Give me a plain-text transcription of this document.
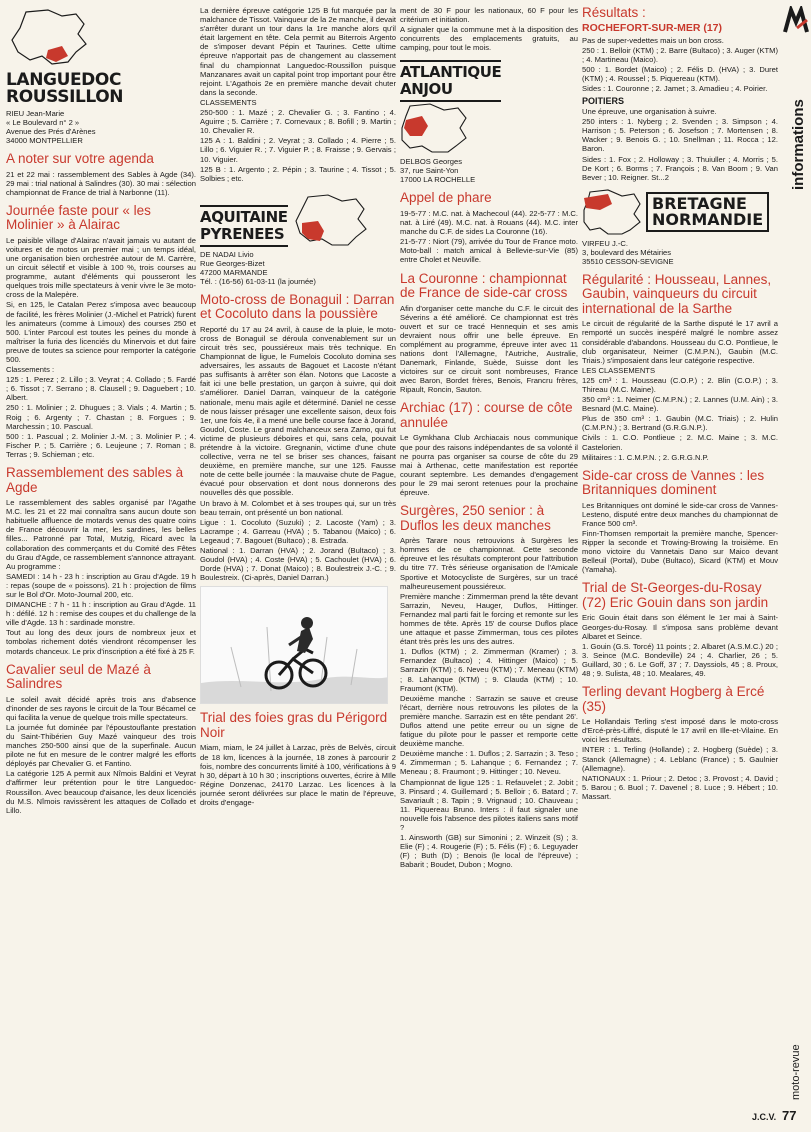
LANGUEDOC
ROUSSILLON
RIEU Jean-Marie
« Le Boulevard n° 2 »
Avenue des Prés d'Arènes
34000 MONTPELLIER
A noter sur votre agenda

21 et 22 mai : rassemblement des Sables à Agde (34). 29 mai : trial national à Salindres (30). 30 mai : sélection championnat de France de trial à Narbonne (11).

Journée faste pour « les Molinier » à Alairac

Le paisible village d'Alairac n'avait jamais vu autant de voitures et de motos un premier mai ; un temps idéal, une organisation bien orchestrée autour de M. Carrère, un circuit sélectif et visible à 100 %, trois courses au programme, autant d'éléments qui pousseront les quelques trois mille spectateurs à venir vivre le 3e moto-cross de la Malepère.

Si, en 125, le Catalan Perez s'imposa avec beaucoup de facilité, les frères Molinier (J.-Michel et Patrick) furent les animateurs (comme à Limoux) des courses 250 et 500. L'inter Parcoul est toutes les peines du monde à maîtriser la furia des licenciés du Minervois et dut faire preuve de toutes sa science pour remporter la catégorie 500.

Classements :

125 : 1. Perez ; 2. Lillo ; 3. Veyrat ; 4. Collado ; 5. Fardé ; 6. Tissot ; 7. Serrano ; 8. Clausell ; 9. Daguebert ; 10. Albert.

250 : 1. Molinier ; 2. Dhugues ; 3. Vials ; 4. Martin ; 5. Roig ; 6. Argenty ; 7. Chastan ; 8. Forgues ; 9. Marchessin ; 10. Pascual.

500 : 1. Pascual ; 2. Molinier J.-M. ; 3. Molinier P. ; 4. Fischer P. ; 5. Carrière ; 6. Leujeune ; 7. Roman ; 8. Terras ; 9. Schieman ; etc.

Rassemblement des sables à Agde

Le rassemblement des sables organisé par l'Agathe M.C. les 21 et 22 mai connaîtra sans aucun doute son habituelle affluence de motards venus des quatre coins de France découvrir la mer, les sardines, les belles filles... Patronné par Total, Mutzig, Ricard avec la collaboration des commerçants et du Comité des Fêtes du Grau d'Agde, ce rassemblement s'annonce attrayant. Au programme :

SAMEDI : 14 h - 23 h : inscription au Grau d'Agde. 19 h : repas (soupe de « poissons). 21 h : projection de films sur le Bol d'Or. Moto-Journal 200, etc.

DIMANCHE : 7 h - 11 h : inscription au Grau d'Agde. 11 h : défilé. 12 h : remise des coupes et du challenge de la ville d'Agde. 13 h : sardinade monstre.

Tout au long des deux jours de nombreux jeux et tombolas richement dotés viendront récompenser les motards chanceux. Le prix d'inscription a été fixé à 25 F.

Cavalier seul de Mazé à Salindres

Le soleil avait décidé après trois ans d'absence d'inonder de ses rayons le circuit de la Tour Bécamel ce qui facilita la venue de quelque trois mille spectateurs.

La journée fut dominée par l'époustouflante prestation du Saint-Thibérien Guy Mazé vainqueur des trois manches 250-500 ainsi que de la superfinale. Aucun pilote ne fut en mesure de le contrer malgré les efforts déployés par Chevalier G. et Fantino.

La catégorie 125 A permit aux Nîmois Baldini et Veyrat d'affirmer leur prétention pour le titre Languedoc-Roussillon. Avec beaucoup d'aisance, les deux licenciés du M.S. Nîmois ravissèrent les attaques de Collado et Lillo.

La dernière épreuve catégorie 125 B fut marquée par la malchance de Tissot. Vainqueur de la 2e manche, il devait s'arrêter durant un tour dans la 1re manche alors qu'il était largement en tête. Cela permit au Biterrois Argento de s'imposer devant Pépin et Taurines. Cette ultime épreuve n'apportait pas de changement au classement final du championnat Languedoc-Roussillon puisque Manzanares avait un capital point trop important pour être rejoint. L'Agathois 2e en première manche devait chuter dans la seconde.

CLASSEMENTS

250-500 : 1. Mazé ; 2. Chevalier G. ; 3. Fantino ; 4. Aguirre ; 5. Carrière ; 7. Cornevaux ; 8. Bofill ; 9. Martin ; 10. Chevalier R.

125 A : 1. Baldini ; 2. Veyrat ; 3. Collado ; 4. Pierre ; 5. Lillo ; 6. Viguier R. ; 7. Viguier P. ; 8. Fraisse ; 9. Gervais ; 10. Viguier.

125 B : 1. Argento ; 2. Pépin ; 3. Taurine ; 4. Tissot ; 5. Solbies ; etc.

AQUITAINE
PYRENEES
DE NADAI Livio
Rue Georges-Bizet
47200 MARMANDE
Tél. : (16-56) 61-03-11 (la journée)
Moto-cross de Bonaguil : Darran et Cocoluto dans la poussière

Reporté du 17 au 24 avril, à cause de la pluie, le moto-cross de Bonaguil se déroula convenablement sur un circuit très sec, poussiéreux mais très technique. En Championnat de ligue, le Fumelois Cocoluto domina ses adversaires, les assauts de Bagouet et Lacoste n'étant pas suffisants à arrêter son élan. Notons que Lacoste a fait ici une belle prestation, un garçon à suivre, qui doit s'améliorer. Daniel Darran, vainqueur de la catégorie nationale, menu mais agile et déterminé. Daniel ne cesse de nous laisser présager une excellente saison, deux fois 1er, une fois 4e, il a mené une belle course face à Jorand, Goudol, Coste. Le grand malchanceux sera Zamo, qui fut victime de plusieurs déboires et qui, sans cela, pouvait prétendre à la victoire. Gregnanin, victime d'une chute collective, verra ne tel se briser ses chances, faisant deuxième, en première manche, sur une 125. Fausse note de cette belle journée : la mauvaise chute de Pague, évacué pour observation et dont nous donnerons des nouvelles dès que possible.

Un bravo à M. Colombet et à ses troupes qui, sur un très beau terrain, ont présenté un bon national.

Ligue : 1. Cocoluto (Suzuki) ; 2. Lacoste (Yam) ; 3. Lacrampe ; 4. Garreau (HVA) ; 5. Tabanou (Maico) ; 6. Legeaud ; 7. Bagouet (Bultaco) ; 8. Estrada.

National : 1. Darran (HVA) ; 2. Jorand (Bultaco) ; 3. Goudol (HVA) ; 4. Coste (HVA) ; 5. Cachoulet (HVA) ; 6. Dorde (HVA) ; 7. Donat (Maico) ; 8. Boulestreix J.-C. ; 9. Boulestreix. (Ci-après, Daniel Darran.)

Trial des foies gras du Périgord Noir

Miam, miam, le 24 juillet à Larzac, près de Belvès, circuit de 18 km, licences à la journée, 18 zones à parcourir 2 fois, nombre des concurrents limité à 100, vérifications à 9 h 30, départ à 10 h 30 ; inscriptions ouvertes, écrire à MIle Régine Donzenac, 24170 Larzac. Les licences à la journée seront délivrées sur place le matin de l'épreuve, droits d'engage-

ment de 30 F pour les nationaux, 60 F pour les critérium et initiation.

A signaler que la commune met à la disposition des concurrents des emplacements gratuits, au camping, pour tout le mois.

ATLANTIQUE
ANJOU
DELBOS Georges
37, rue Saint-Yon
17000 LA ROCHELLE
Appel de phare

19-5-77 : M.C. nat. à Machecoul (44). 22-5-77 : M.C. nat. à Liré (49). M.C. nat. à Rouans (44). M.C. inter manche du C.F. de sides La Couronne (16).

21-5-77 : Niort (79), arrivée du Tour de France moto. Moto-ball : match amical à Bellevie-sur-Vie (85) entre Cholet et Neuville.

La Couronne : championnat de France de side-car cross

Afin d'organiser cette manche du C.F. le circuit des Séverins a été amélioré. Ce championnat est très ouvert et sur ce tracé Hennequin et ses amis devraient nous offrir une belle épreuve. En complément au programme, épreuve inter avec 11 nations dont l'Allemagne, l'Autriche, Australie, Danemark, Finlande, Suède, Suisse dont les victoires sur ce circuit sont nombreuses, France avec Baron, Bordet frères, Benois, Francru frères, Ripault, Roncin, Sauton.

Archiac (17) : course de côte annulée

Le Gymkhana Club Archiacais nous communique que pour des raisons indépendantes de sa volonté il ne pourra pas organiser sa course de côte du 29 mai à Arthenac, cette manifestation est reportée courant septembre. Les demandes d'engagement pour le 29 mai seront retenues pour la prochaine épreuve.

Surgères, 250 senior : à Duflos les deux manches

Après Tarare nous retrouvions à Surgères les hommes de ce championnat. Cette seconde épreuve et les résultats compteront pour l'attribution du titre 77. Très sérieuse organisation de l'Amicale Sportive et Motocycliste de Surgères, sur un tracé malheureusement poussiéreux.

Première manche : Zimmerman prend la tête devant Sarrazin, Neveu, Hauger, Duflos, Hittinger. Fernandez mal parti fait le forcing et remonte sur les hommes de tête. Après 15' de course Duflos place une attaque et passe Zimmerman, tous ces pilotes étant très près les uns des autres.

1. Duflos (KTM) ; 2. Zimmerman (Kramer) ; 3. Fernandez (Bultaco) ; 4. Hittinger (Maico) ; 5. Sarrazin (KTM) ; 6. Neveu (KTM) ; 7. Meneau (KTM) ; 8. Lahanque (KTM) ; 9. Clauda (KTM) ; 10. Fraumont (KTM).

Deuxième manche : Sarrazin se sauve et creuse l'écart, derrière nous retrouvons les pilotes de la première manche. Sarrazin est en tête pendant 26'. Duflos attend une petite erreur ou un signe de fatigue du pilote pour le passer et remporte cette deuxième manche.

Deuxième manche : 1. Duflos ; 2. Sarrazin ; 3. Teso ; 4. Zimmerman ; 5. Lahanque ; 6. Fernandez ; 7. Meneau ; 8. Fraumont ; 9. Hittinger ; 10. Neveu.

Championnat de ligue 125 : 1. Refauvelet ; 2. Jobit ; 3. Pinsard ; 4. Guillemard ; 5. Belloir ; 6. Batard ; 7. Savariault ; 8. Tapin ; 9. Vrignaud ; 10. Chauveau ; 11. Piquereau Bruno. Inters : il faut signaler une nouvelle fois l'absence des pilotes italiens sans motif ?

1. Ainsworth (GB) sur Simonini ; 2. Winzeit (S) ; 3. Elie (F) ; 4. Rougerie (F) ; 5. Félis (F) ; 6. Leguyader (F) ; Buth (D) ; Benois (le local de l'épreuve) ; Babarit ; Boudet, Dubon ; Mogno.

Résultats :
ROCHEFORT-SUR-MER (17)

Pas de super-vedettes mais un bon cross.

250 : 1. Belloir (KTM) ; 2. Barre (Bultaco) ; 3. Auger (KTM) ; 4. Martineau (Maico).

500 : 1. Bordet (Maico) ; 2. Félis D. (HVA) ; 3. Duret (KTM) ; 4. Roussel ; 5. Piquereau (KTM).

Sides : 1. Couronne ; 2. Jamet ; 3. Amadieu ; 4. Poirier.

POITIERS

Une épreuve, une organisation à suivre.

250 inters : 1. Nyberg ; 2. Svenden ; 3. Simpson ; 4. Harrison ; 5. Peterson ; 6. Josefson ; 7. Mortensen ; 8. Wacker ; 9. Benois G. ; 10. Snellman ; 11. Rocca ; 12. Baron.

Sides : 1. Fox ; 2. Holloway ; 3. Thuiuller ; 4. Morris ; 5. De Kort ; 6. Borms ; 7. François ; 8. Van Boom ; 9. Van Bever ; 10. Reigner. St...2

BRETAGNE
NORMANDIE
VIRFEU J.-C.
3, boulevard des Métairies
35510 CESSON-SEVIGNE
Régularité : Housseau, Lannes, Gaubin, vainqueurs du circuit international de la Sarthe

Le circuit de régularité de la Sarthe disputé le 17 avril a remporté un succès inespéré malgré le nombre assez considérable d'abandons. Housseau du C.O. Pontlieue, le club organisateur, Neimer (C.M.P.N.), Gaubin (M.C. Triais.) s'imposaient dans leur catégorie respective.

LES CLASSEMENTS

125 cm³ : 1. Housseau (C.O.P.) ; 2. Blin (C.O.P.) ; 3. Thireau (M.C. Maine).

350 cm³ : 1. Neimer (C.M.P.N.) ; 2. Lannes (U.M. Ain) ; 3. Besnard (M.C. Maine).

Plus de 350 cm³ : 1. Gaubin (M.C. Triais) ; 2. Hulin (C.M.P.N.) ; 3. Bertrand (G.R.G.N.P.).

Civils : 1. C.O. Pontlieue ; 2. M.C. Maine ; 3. M.C. Castelorien.

Militaires : 1. C.M.P.N. ; 2. G.R.G.N.P.

Side-car cross de Vannes : les Britanniques dominent

Les Britanniques ont dominé le side-car cross de Vannes-Lesteno, disputé entre deux manches du championnat de France 500 cm³.

Finn-Thomsen remportait la première manche, Spencer-Ripper la seconde et Trowing-Browing la troisième. En mono victoire du Vannetais Dano sur Maico devant Belleuil (Portal), Dube (Bultaco), Sicard (KTM) et Mouv (Yamaha).

Trial de St-Georges-du-Rosay (72) Eric Gouin dans son jardin

Eric Gouin était dans son élément le 1er mai à Saint-Georges-du-Rosay. Il s'imposa sans problème devant Albaret et Seince.

1. Gouin (G.S. Torcé) 11 points ; 2. Albaret (A.S.M.C.) 20 ; 3. Seince (M.C. Bondeville) 24 ; 4. Charlier, 26 ; 5. Guillard, 30 ; 6. Le Goff, 37 ; 7. Dayssiols, 45 ; 8. Proux, 48 ; 9. Sulista, 48 ; 10. Mealares, 49.

Terling devant Hogberg à Ercé (35)

Le Hollandais Terling s'est imposé dans le moto-cross d'Ercé-près-Liffré, disputé le 17 avril en Ille-et-Vilaine. En voici les résultats.

INTER : 1. Terling (Hollande) ; 2. Hogberg (Suède) ; 3. Stanck (Allemagne) ; 4. Leblanc (France) ; 5. Gaulnier (Allemagne).

NATIONAUX : 1. Priour ; 2. Detoc ; 3. Provost ; 4. David ; 5. Barou ; 6. Buol ; 7. Davenel ; 8. Luce ; 9. Hébert ; 10. Massart.

informations
moto-revue
J.C.V. 77
